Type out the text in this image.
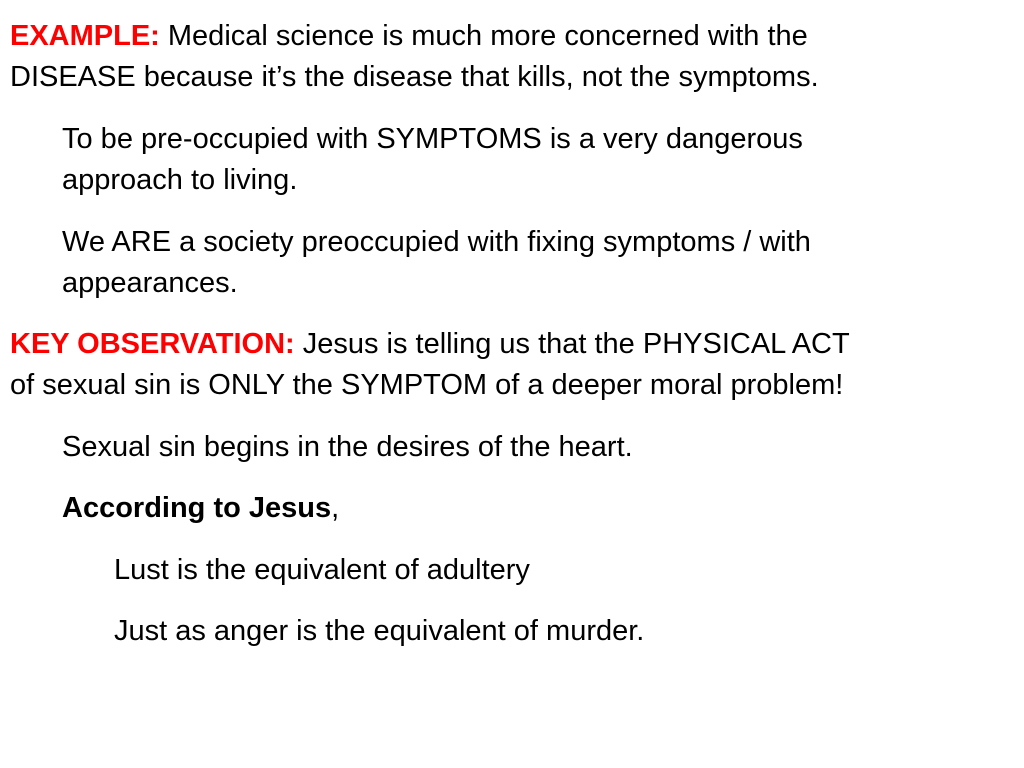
EXAMPLE: Medical science is much more concerned with the

DISEASE because it’s the disease that kills, not the symptoms.

To be pre-occupied with SYMPTOMS is a very dangerous

approach to living.

We ARE a society preoccupied with fixing symptoms / with

appearances.

KEY OBSERVATION: Jesus is telling us that the PHYSICAL ACT

of sexual sin is ONLY the SYMPTOM of a deeper moral problem!

Sexual sin begins in the desires of the heart.

According to Jesus,

Lust is the equivalent of adultery

Just as anger is the equivalent of murder.
